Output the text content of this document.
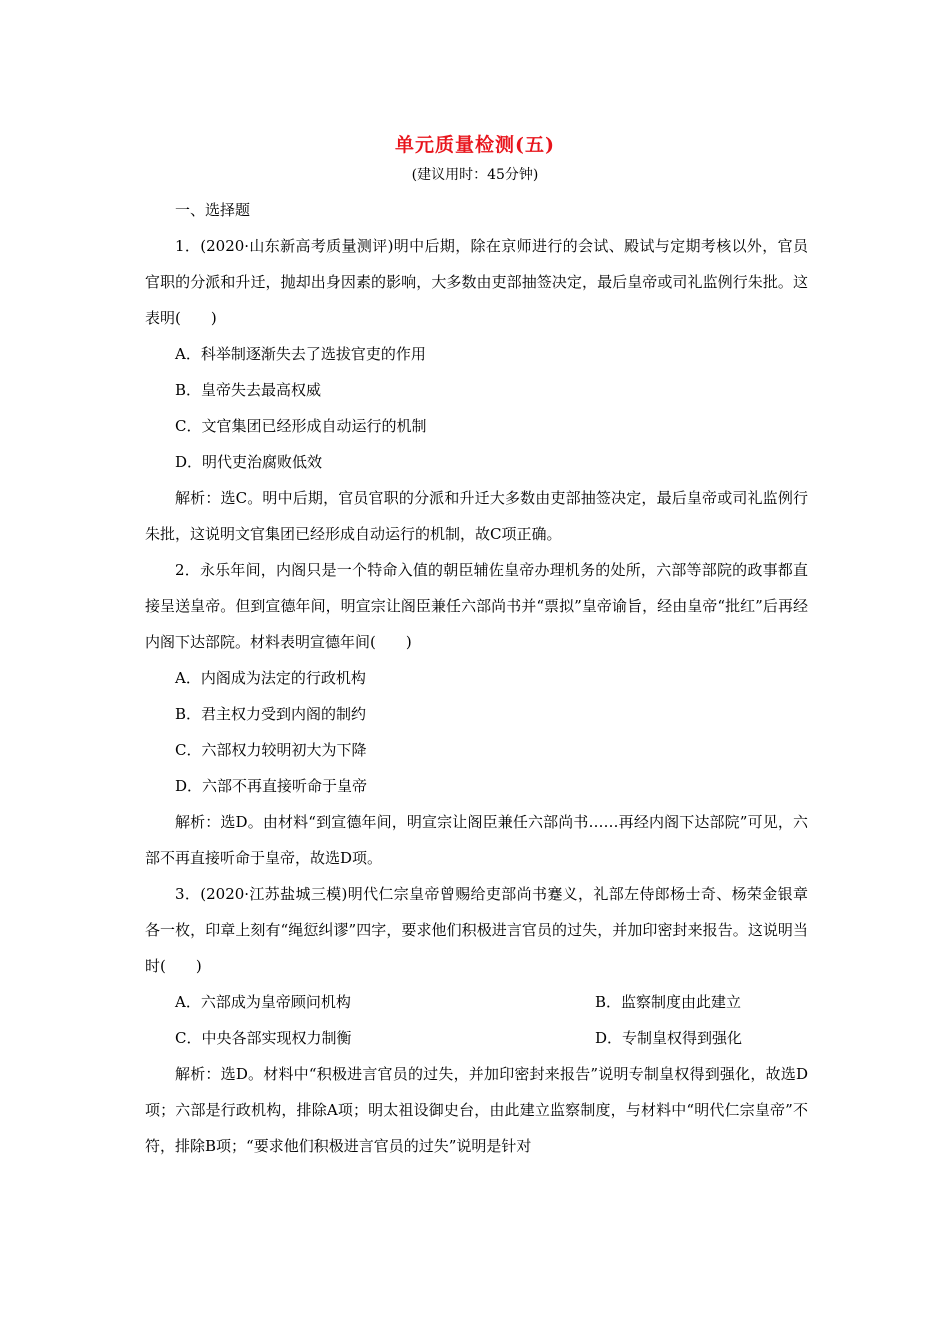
单元质量检测(五)
(建议用时：45分钟)

一、选择题

1．(2020·山东新高考质量测评)明中后期，除在京师进行的会试、殿试与定期考核以外，官员官职的分派和升迁，抛却出身因素的影响，大多数由吏部抽签决定，最后皇帝或司礼监例行朱批。这表明(　　)

A．科举制逐渐失去了选拔官吏的作用

B．皇帝失去最高权威

C．文官集团已经形成自动运行的机制

D．明代吏治腐败低效

解析：选C。明中后期，官员官职的分派和升迁大多数由吏部抽签决定，最后皇帝或司礼监例行朱批，这说明文官集团已经形成自动运行的机制，故C项正确。

2．永乐年间，内阁只是一个特命入值的朝臣辅佐皇帝办理机务的处所，六部等部院的政事都直接呈送皇帝。但到宣德年间，明宣宗让阁臣兼任六部尚书并“票拟”皇帝谕旨，经由皇帝“批红”后再经内阁下达部院。材料表明宣德年间(　　)

A．内阁成为法定的行政机构

B．君主权力受到内阁的制约

C．六部权力较明初大为下降

D．六部不再直接听命于皇帝

解析：选D。由材料“到宣德年间，明宣宗让阁臣兼任六部尚书……再经内阁下达部院”可见，六部不再直接听命于皇帝，故选D项。

3．(2020·江苏盐城三模)明代仁宗皇帝曾赐给吏部尚书蹇义，礼部左侍郎杨士奇、杨荣金银章各一枚，印章上刻有“绳愆纠谬”四字，要求他们积极进言官员的过失，并加印密封来报告。这说明当时(　　)

A．六部成为皇帝顾问机构	B．监察制度由此建立
C．中央各部实现权力制衡	D．专制皇权得到强化

解析：选D。材料中“积极进言官员的过失，并加印密封来报告”说明专制皇权得到强化，故选D项；六部是行政机构，排除A项；明太祖设御史台，由此建立监察制度，与材料中“明代仁宗皇帝”不符，排除B项；“要求他们积极进言官员的过失”说明是针对
